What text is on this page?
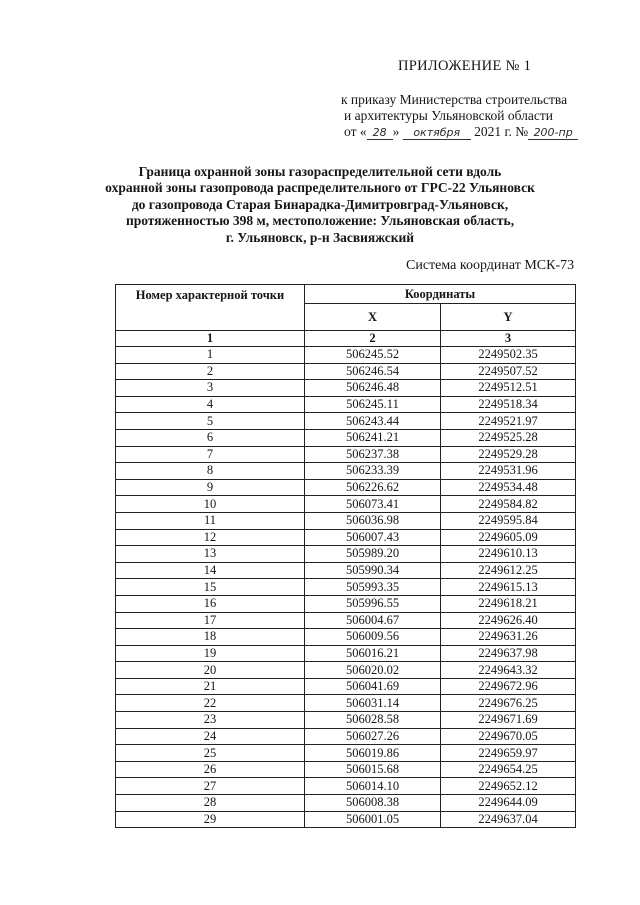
ПРИЛОЖЕНИЕ № 1
к приказу Министерства строительства
и архитектуры Ульяновской области
от « 28 » октября 2021 г. № 200-пр
Граница охранной зоны газораспределительной сети вдоль
охранной зоны газопровода распределительного от ГРС-22 Ульяновск
до газопровода Старая Бинарадка-Димитровград-Ульяновск,
протяженностью 398 м, местоположение: Ульяновская область,
г. Ульяновск, р-н Засвияжский
Система координат МСК-73
Номер характерной точки	Координаты	
	X	Y
1	2	3
1	506245.52	2249502.35
2	506246.54	2249507.52
3	506246.48	2249512.51
4	506245.11	2249518.34
5	506243.44	2249521.97
6	506241.21	2249525.28
7	506237.38	2249529.28
8	506233.39	2249531.96
9	506226.62	2249534.48
10	506073.41	2249584.82
11	506036.98	2249595.84
12	506007.43	2249605.09
13	505989.20	2249610.13
14	505990.34	2249612.25
15	505993.35	2249615.13
16	505996.55	2249618.21
17	506004.67	2249626.40
18	506009.56	2249631.26
19	506016.21	2249637.98
20	506020.02	2249643.32
21	506041.69	2249672.96
22	506031.14	2249676.25
23	506028.58	2249671.69
24	506027.26	2249670.05
25	506019.86	2249659.97
26	506015.68	2249654.25
27	506014.10	2249652.12
28	506008.38	2249644.09
29	506001.05	2249637.04
